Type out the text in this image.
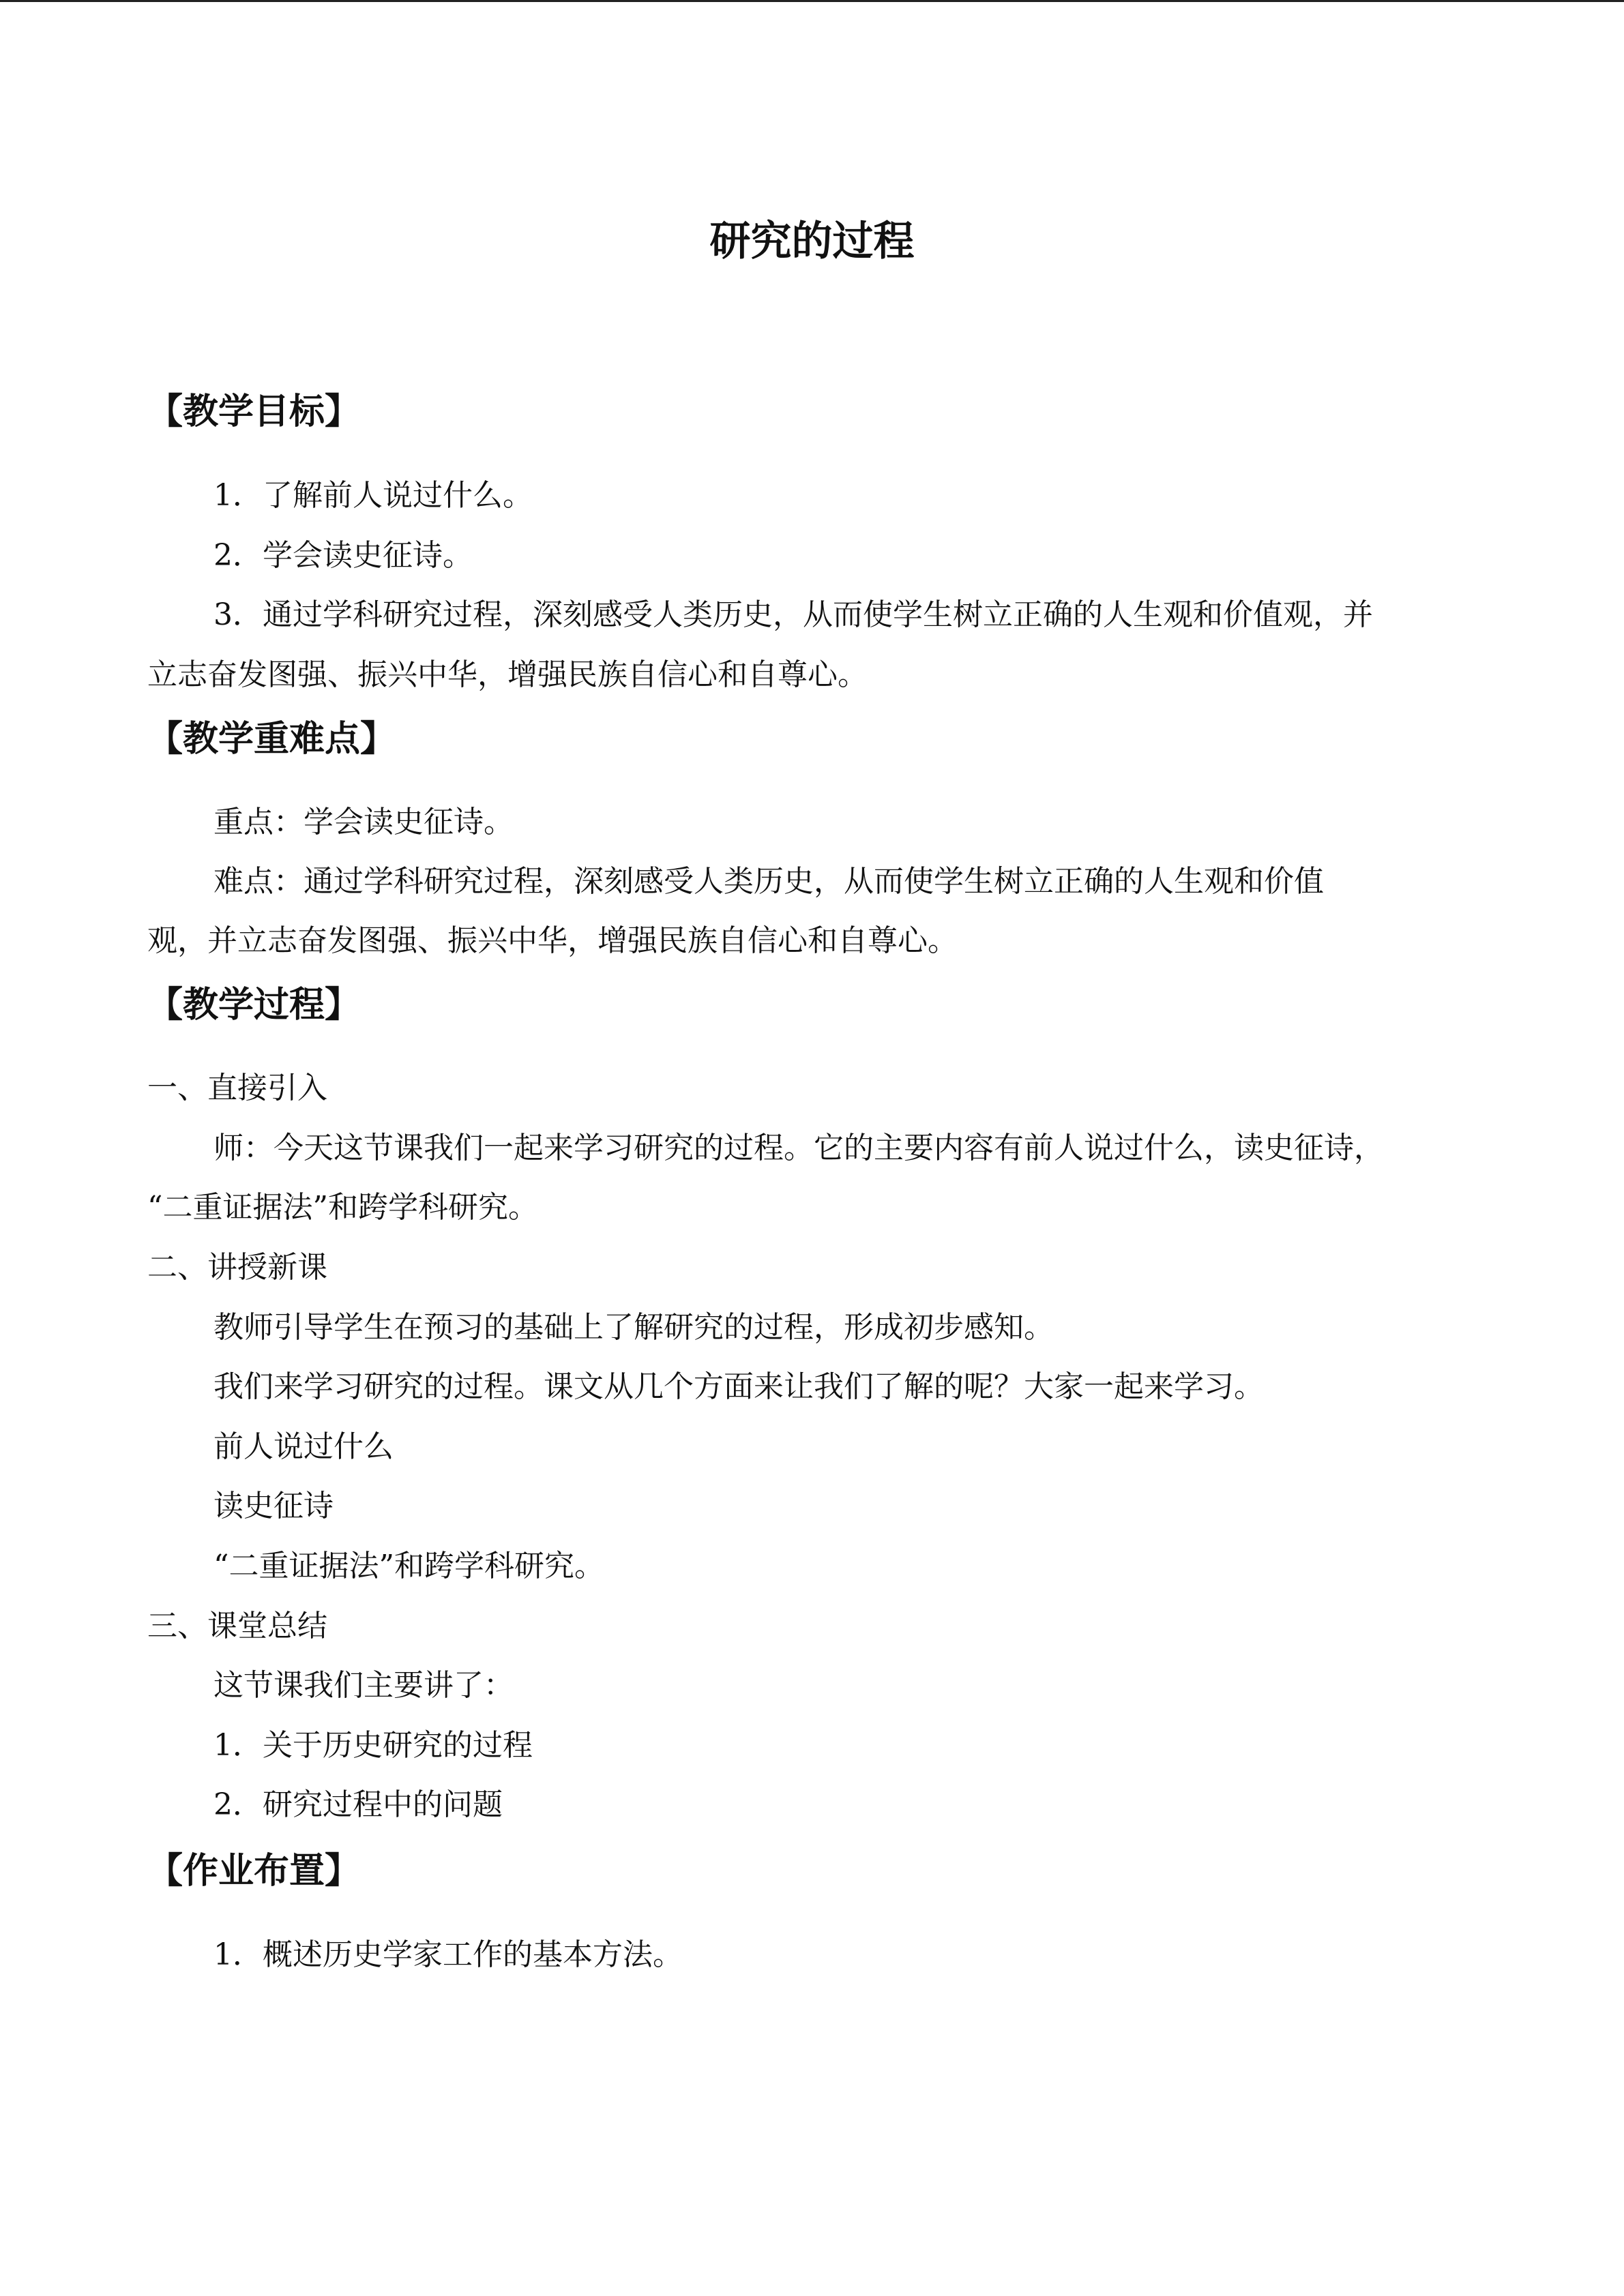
研究的过程
【教学目标】

1．了解前人说过什么。

2．学会读史征诗。

3．通过学科研究过程，深刻感受人类历史，从而使学生树立正确的人生观和价值观，并

立志奋发图强、振兴中华，增强民族自信心和自尊心。

【教学重难点】

重点：学会读史征诗。

难点：通过学科研究过程，深刻感受人类历史，从而使学生树立正确的人生观和价值

观，并立志奋发图强、振兴中华，增强民族自信心和自尊心。

【教学过程】

一、直接引入

师：今天这节课我们一起来学习研究的过程。它的主要内容有前人说过什么，读史征诗，

“二重证据法”和跨学科研究。

二、讲授新课

教师引导学生在预习的基础上了解研究的过程，形成初步感知。

我们来学习研究的过程。课文从几个方面来让我们了解的呢？大家一起来学习。

前人说过什么

读史征诗

“二重证据法”和跨学科研究。

三、课堂总结

这节课我们主要讲了：

1．关于历史研究的过程

2．研究过程中的问题

【作业布置】

1．概述历史学家工作的基本方法。
